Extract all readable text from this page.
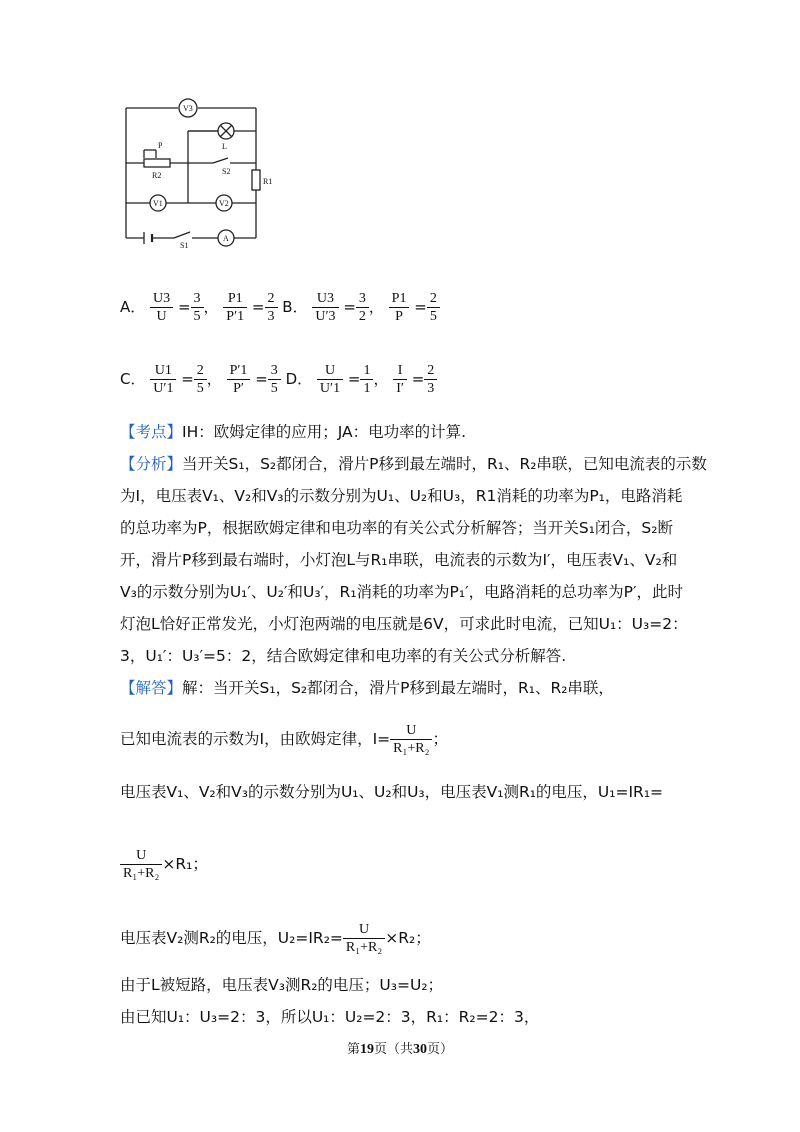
V3
V1	V2
A
P
R2
L
S2
R1
S1
A． $\frac{U3}{U} = \frac{3}{5}$ ， $\frac{P1}{P'1} = \frac{2}{3}$ B． $\frac{U3}{U'3} = \frac{3}{2}$ ， $\frac{P1}{P} = \frac{2}{5}$
C． $\frac{U1}{U'1} = \frac{2}{5}$ ， $\frac{P'1}{P'} = \frac{3}{5}$ D． $\frac{U}{U'1} = \frac{1}{1}$ ， $\frac{I}{I'} = \frac{2}{3}$
【考点】IH：欧姆定律的应用；JA：电功率的计算.
【分析】当开关S₁，S₂都闭合，滑片P移到最左端时，R₁、R₂串联，已知电流表的示数
为I，电压表V₁、V₂和V₃的示数分别为U₁、U₂和U₃，R1消耗的功率为P₁，电路消耗
的总功率为P，根据欧姆定律和电功率的有关公式分析解答；当开关S₁闭合，S₂断
开，滑片P移到最右端时，小灯泡L与R₁串联，电流表的示数为I′，电压表V₁、V₂和
V₃的示数分别为U₁′、U₂′和U₃′，R₁消耗的功率为P₁′，电路消耗的总功率为P′，此时
灯泡L恰好正常发光，小灯泡两端的电压就是6V，可求此时电流，已知U₁：U₃=2：
3，U₁′：U₃′=5：2，结合欧姆定律和电功率的有关公式分析解答.
【解答】解：当开关S₁，S₂都闭合，滑片P移到最左端时，R₁、R₂串联，
已知电流表的示数为I，由欧姆定律，$I= \frac{U}{\text{R₁+R₂}}$ ；
电压表V₁、V₂和V₃的示数分别为U₁、U₂和U₃，电压表V₁测R₁的电压，U₁=IR₁=
$\frac{U}{\text{R₁+R₂}} \times R_1$；
电压表V₂测R₂的电压，$U_2=IR_2= \frac{U}{\text{R₁+R₂}} \times R_2$；
由于L被短路，电压表V₃测R₂的电压；U₃=U₂；
由已知U₁：U₃=2：3，所以U₁：U₂=2：3，R₁：R₂=2：3，
第19页（共30页）
